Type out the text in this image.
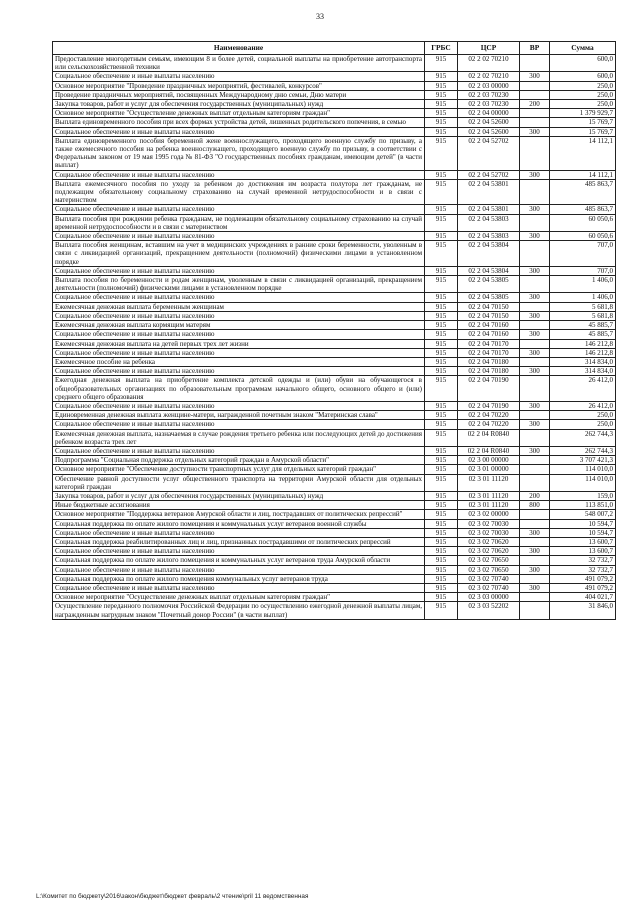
33
Наименование	ГРБС	ЦСР	ВР	Сумма
Предоставление многодетным семьям, имеющим 8 и более детей, социальной выплаты на приобретение автотранспорта или сельскохозяйственной техники	915	02 2 02 70210		600,0
Социальное обеспечение и иные выплаты населению	915	02 2 02 70210	300	600,0
Основное мероприятие "Проведение праздничных мероприятий, фестивалей, конкурсов"	915	02 2 03 00000		250,0
Проведение праздничных мероприятий, посвященных Международному дню семьи, Дню матери	915	02 2 03 70230		250,0
Закупка товаров, работ и услуг для обеспечения государственных (муниципальных) нужд	915	02 2 03 70230	200	250,0
Основное мероприятие "Осуществление денежных выплат отдельным категориям граждан"	915	02 2 04 00000		1 379 929,7
Выплата единовременного пособия при всех формах устройства детей, лишенных родительского попечения, в семью	915	02 2 04 52600		15 769,7
Социальное обеспечение и иные выплаты населению	915	02 2 04 52600	300	15 769,7
Выплата единовременного пособия беременной жене военнослужащего, проходящего военную службу по призыву, а также ежемесячного пособия на ребенка военнослужащего, проходящего военную службу по призыву, в соответствии с Федеральным законом от 19 мая 1995 года № 81-ФЗ "О государственных пособиях гражданам, имеющим детей" (в части выплат)	915	02 2 04 52702		14 112,1
Социальное обеспечение и иные выплаты населению	915	02 2 04 52702	300	14 112,1
Выплата ежемесячного пособия по уходу за ребенком до достижения им возраста полутора лет гражданам, не подлежащим обязательному социальному страхованию на случай временной нетрудоспособности и в связи с материнством	915	02 2 04 53801		485 863,7
Социальное обеспечение и иные выплаты населению	915	02 2 04 53801	300	485 863,7
Выплата пособия при рождении ребенка гражданам, не подлежащим обязательному социальному страхованию на случай временной нетрудоспособности и в связи с материнством	915	02 2 04 53803		60 050,6
Социальное обеспечение и иные выплаты населению	915	02 2 04 53803	300	60 050,6
Выплата пособия женщинам, вставшим на учет в медицинских учреждениях в ранние сроки беременности, уволенным в связи с ликвидацией организаций, прекращением деятельности (полномочий) физическими лицами в установленном порядке	915	02 2 04 53804		707,0
Социальное обеспечение и иные выплаты населению	915	02 2 04 53804	300	707,0
Выплата пособия по беременности и родам женщинам, уволенным в связи с ликвидацией организаций, прекращением деятельности (полномочий) физическими лицами в установленном порядке	915	02 2 04 53805		1 406,0
Социальное обеспечение и иные выплаты населению	915	02 2 04 53805	300	1 406,0
Ежемесячная денежная выплата беременным женщинам	915	02 2 04 70150		5 681,8
Социальное обеспечение и иные выплаты населению	915	02 2 04 70150	300	5 681,8
Ежемесячная денежная выплата кормящим матерям	915	02 2 04 70160		45 885,7
Социальное обеспечение и иные выплаты населению	915	02 2 04 70160	300	45 885,7
Ежемесячная денежная выплата на детей первых трех лет жизни	915	02 2 04 70170		146 212,8
Социальное обеспечение и иные выплаты населению	915	02 2 04 70170	300	146 212,8
Ежемесячное пособие на ребенка	915	02 2 04 70180		314 834,0
Социальное обеспечение и иные выплаты населению	915	02 2 04 70180	300	314 834,0
Ежегодная денежная выплата на приобретение комплекта детской одежды и (или) обуви на обучающегося в общеобразовательных организациях по образовательным программам начального общего, основного общего и (или) среднего общего образования	915	02 2 04 70190		26 412,0
Социальное обеспечение и иные выплаты населению	915	02 2 04 70190	300	26 412,0
Единовременная денежная выплата женщине-матери, награжденной почетным знаком "Материнская слава"	915	02 2 04 70220		250,0
Социальное обеспечение и иные выплаты населению	915	02 2 04 70220	300	250,0
Ежемесячная денежная выплата, назначаемая в случае рождения третьего ребенка или последующих детей до достижения ребенком возраста трех лет	915	02 2 04 R0840		262 744,3
Социальное обеспечение и иные выплаты населению	915	02 2 04 R0840	300	262 744,3
Подпрограмма "Социальная поддержка отдельных категорий граждан в Амурской области"	915	02 3 00 00000		3 707 421,3
Основное мероприятие "Обеспечение доступности транспортных услуг для отдельных категорий граждан"	915	02 3 01 00000		114 010,0
Обеспечение равной доступности услуг общественного транспорта на территории Амурской области для отдельных категорий граждан	915	02 3 01 11120		114 010,0
Закупка товаров, работ и услуг для обеспечения государственных (муниципальных) нужд	915	02 3 01 11120	200	159,0
Иные бюджетные ассигнования	915	02 3 01 11120	800	113 851,0
Основное мероприятие "Поддержка ветеранов Амурской области и лиц, пострадавших от политических репрессий"	915	02 3 02 00000		548 007,2
Социальная поддержка по оплате жилого помещения и коммунальных услуг ветеранов военной службы	915	02 3 02 70030		10 594,7
Социальное обеспечение и иные выплаты населению	915	02 3 02 70030	300	10 594,7
Социальная поддержка реабилитированных лиц и лиц, признанных пострадавшими от политических репрессий	915	02 3 02 70620		13 600,7
Социальное обеспечение и иные выплаты населению	915	02 3 02 70620	300	13 600,7
Социальная поддержка по оплате жилого помещения и коммунальных услуг ветеранов труда Амурской области	915	02 3 02 70650		32 732,7
Социальное обеспечение и иные выплаты населению	915	02 3 02 70650	300	32 732,7
Социальная поддержка по оплате жилого помещения коммунальных услуг ветеранов труда	915	02 3 02 70740		491 079,2
Социальное обеспечение и иные выплаты населению	915	02 3 02 70740	300	491 079,2
Основное мероприятие "Осуществление денежных выплат отдельным категориям граждан"	915	02 3 03 00000		404 021,7
Осуществление переданного полномочия Российской Федерации по осуществлению ежегодной денежной выплаты лицам, награжденным нагрудным знаком "Почетный донор России" (в части выплат)	915	02 3 03 52202		31 846,0
L:\Комитет по бюджету\2016\закон\бюджет\бюджет февраль\2 чтение\pril 11 ведомственная
